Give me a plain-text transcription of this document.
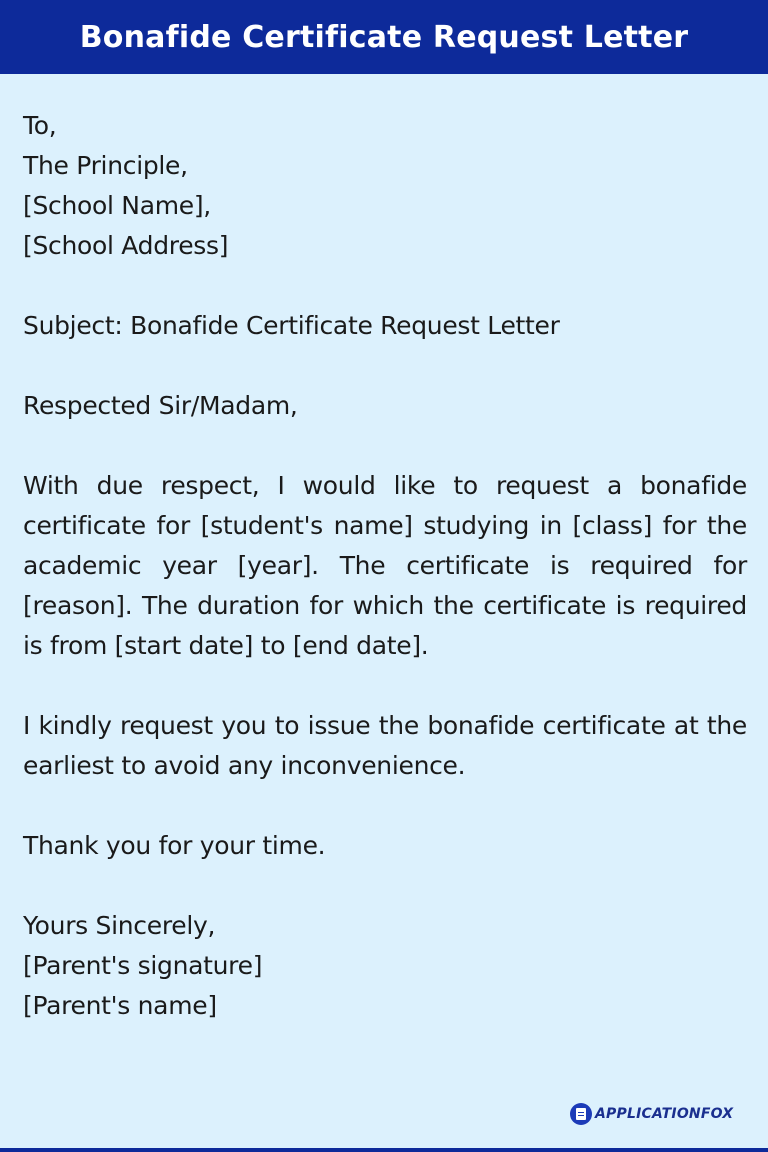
Bonafide Certificate Request Letter
To,
The Principle,
[School Name],
[School Address]

Subject: Bonafide Certificate Request Letter

Respected Sir/Madam,

With due respect, I would like to request a bonafide certificate for [student's name] studying in [class] for the academic year [year]. The certificate is required for [reason]. The duration for which the certificate is required is from [start date] to [end date].

I kindly request you to issue the bonafide certificate at the earliest to avoid any inconvenience.

Thank you for your time.

Yours Sincerely,
[Parent's signature]
[Parent's name]
APPLICATIONFOX
